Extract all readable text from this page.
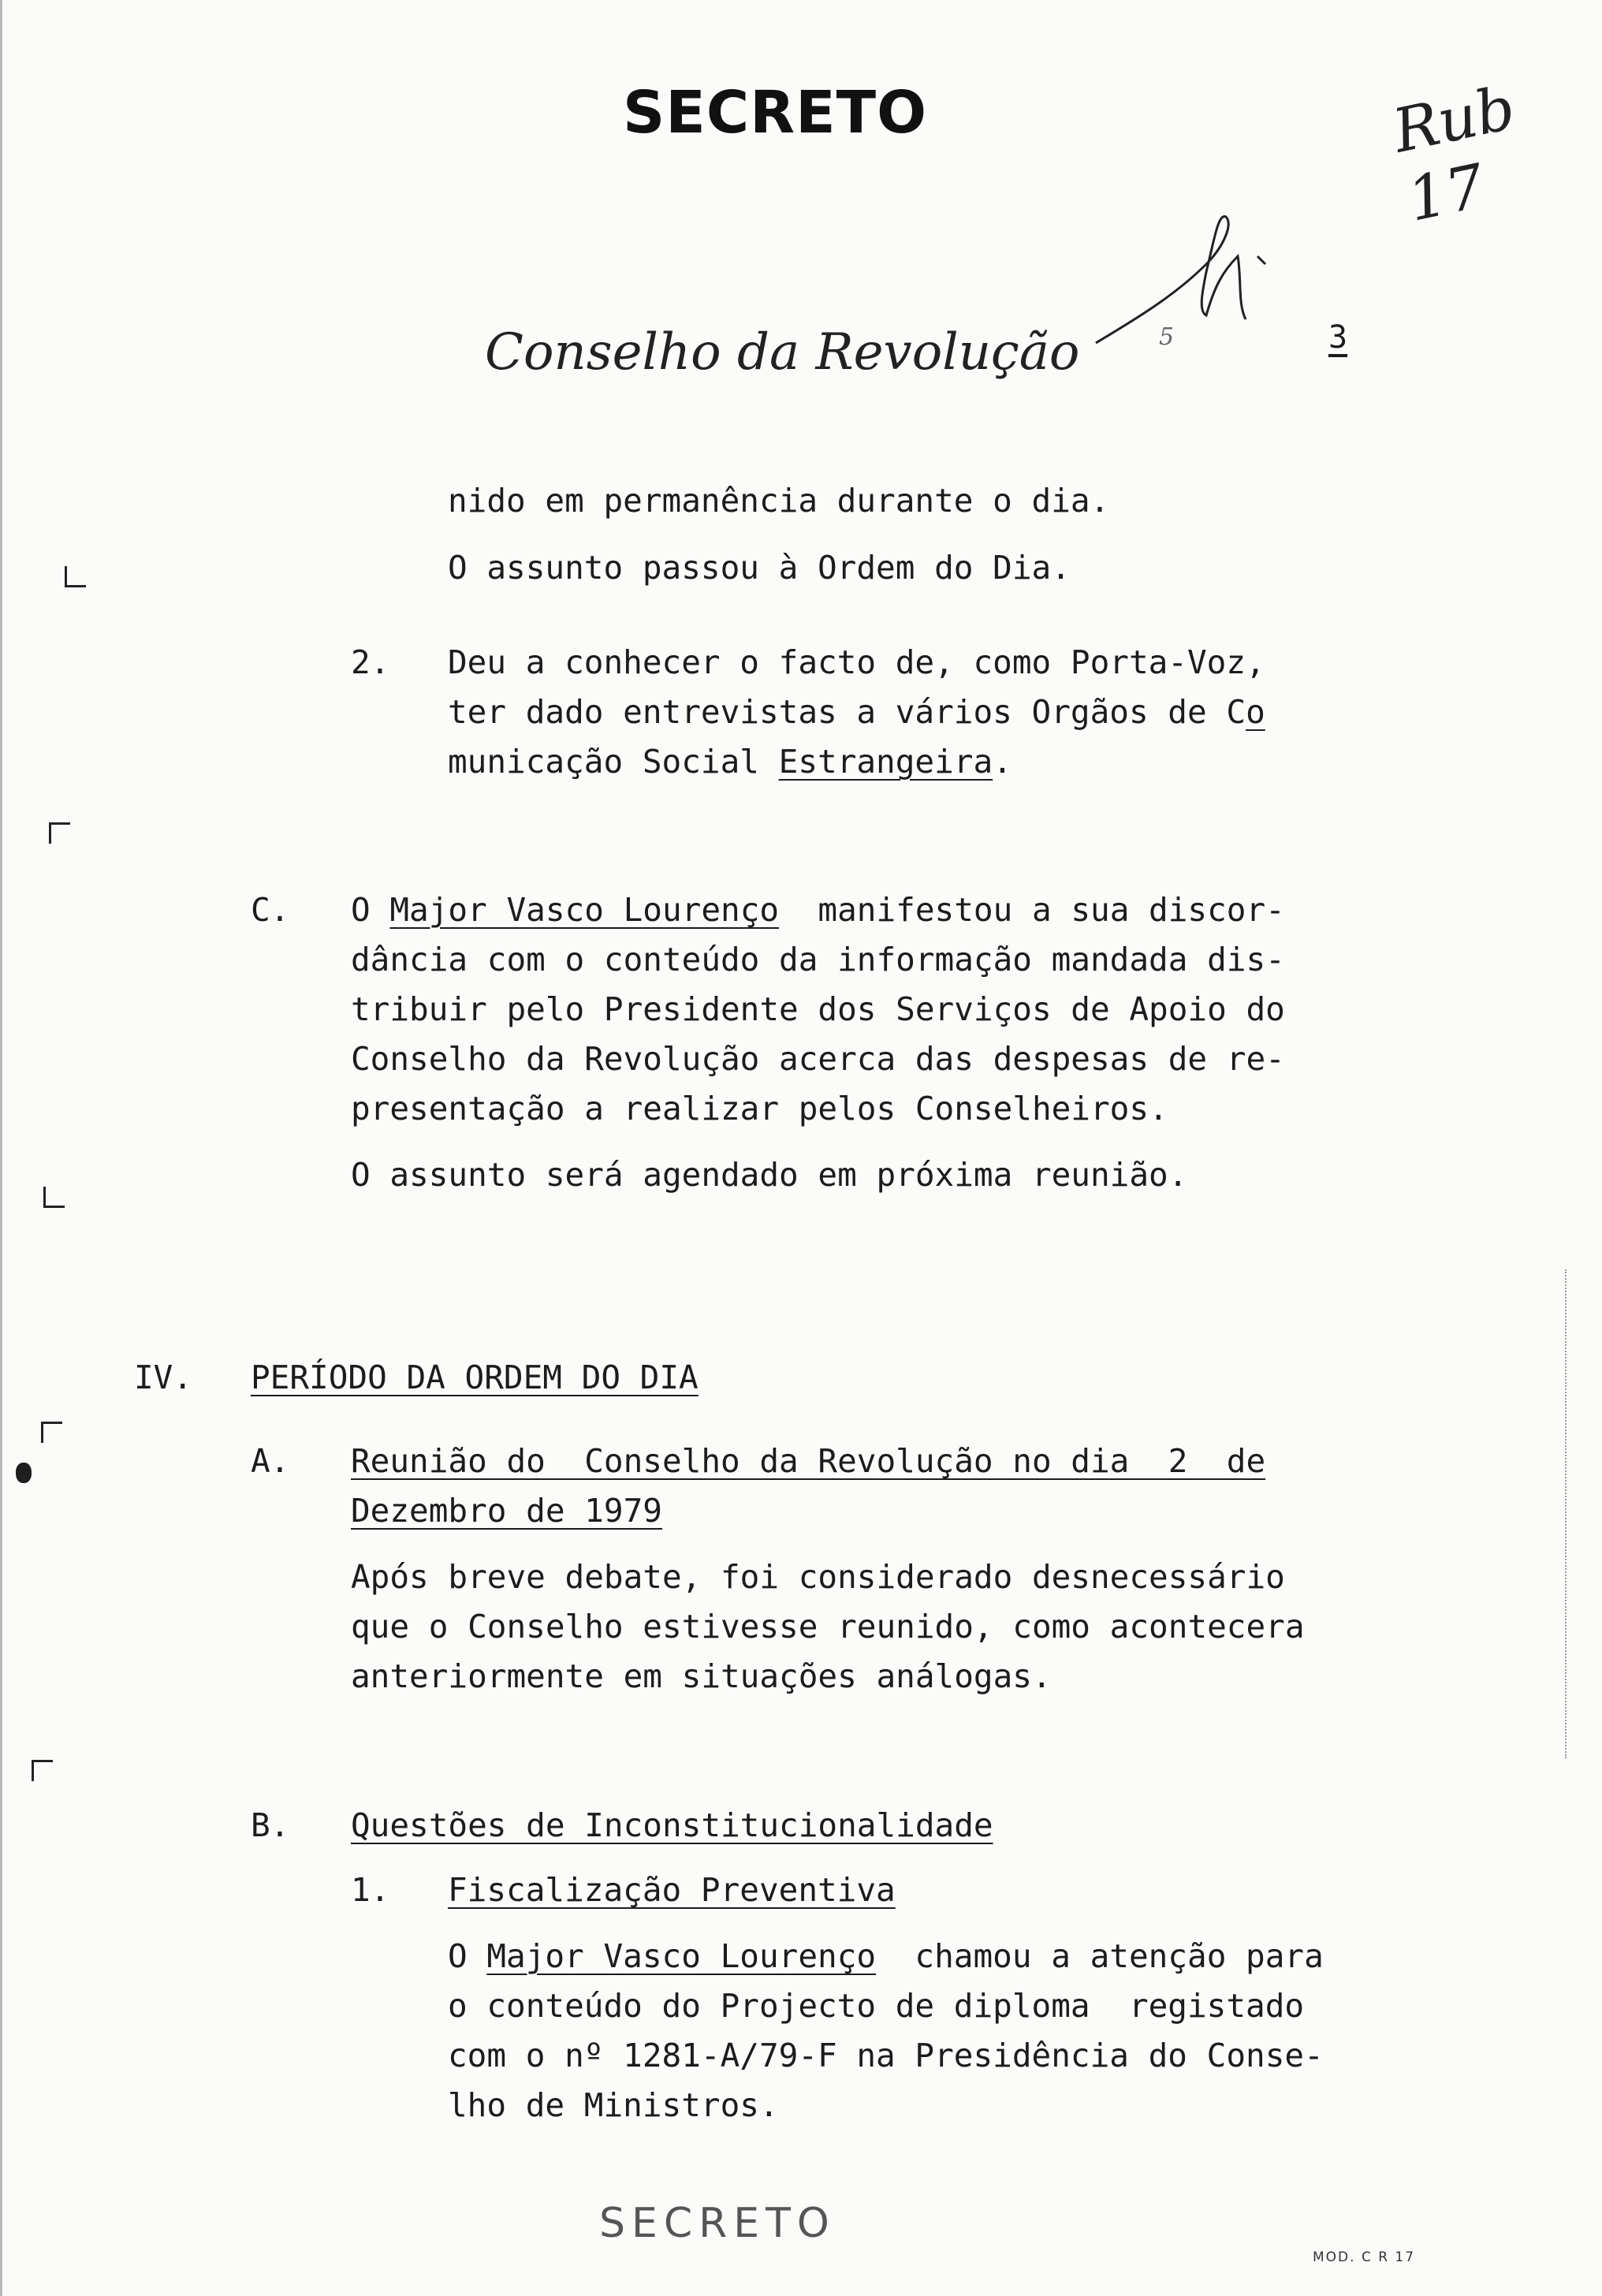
SECRETO
Conselho da Revolução	3
Rub 17
5
nido em permanência durante o dia.
O assunto passou à Ordem do Dia.
2. Deu a conhecer o facto de, como Porta-Voz,
ter dado entrevistas a vários Orgãos de Co
municação Social Estrangeira.
C. O Major Vasco Lourenço  manifestou a sua discor-
dância com o conteúdo da informação mandada dis-
tribuir pelo Presidente dos Serviços de Apoio do
Conselho da Revolução acerca das despesas de re-
presentação a realizar pelos Conselheiros.
O assunto será agendado em próxima reunião.
IV. PERÍODO DA ORDEM DO DIA
A. Reunião do  Conselho da Revolução no dia  2  de
Dezembro de 1979
Após breve debate, foi considerado desnecessário
que o Conselho estivesse reunido, como acontecera
anteriormente em situações análogas.
B. Questões de Inconstitucionalidade
1. Fiscalização Preventiva
O Major Vasco Lourenço  chamou a atenção para
o conteúdo do Projecto de diploma  registado
com o nº 1281-A/79-F na Presidência do Conse-
lho de Ministros.
SECRETO
MOD. C R 17
